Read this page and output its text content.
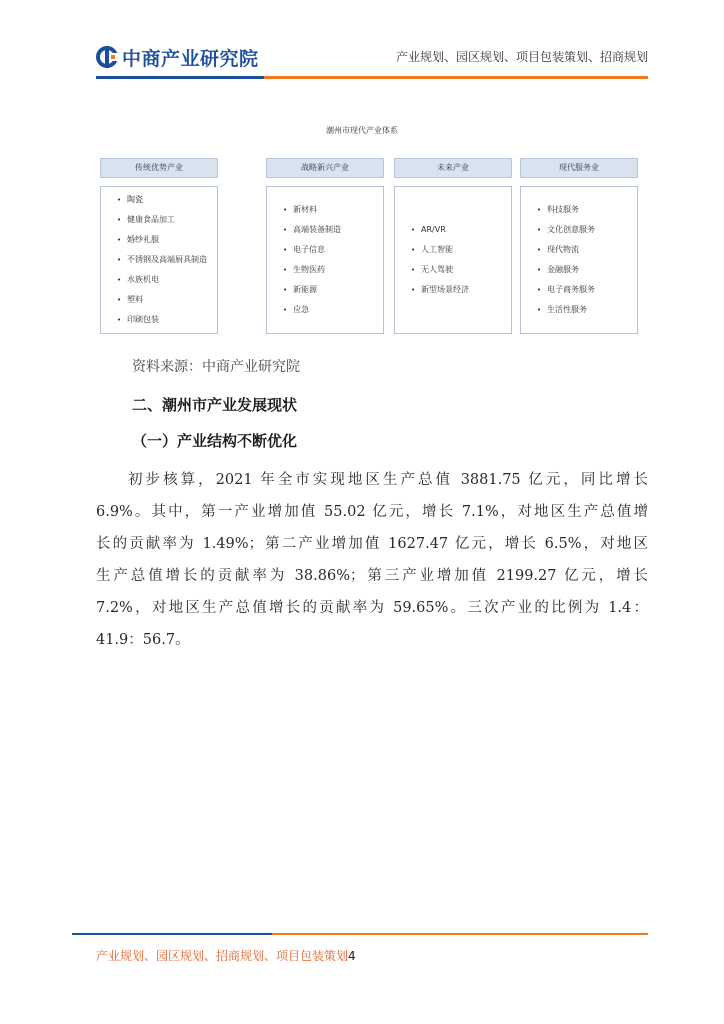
中商产业研究院	产业规划、园区规划、项目包装策划、招商规划
潮州市现代产业体系
传统优势产业
• 陶瓷
• 健康食品加工
• 婚纱礼服
• 不锈钢及高端厨具制造
• 水族机电
• 塑料
• 印刷包装
战略新兴产业
• 新材料
• 高端装备制造
• 电子信息
• 生物医药
• 新能源
• 应急
未来产业
• AR/VR
• 人工智能
• 无人驾驶
• 新型场景经济
现代服务业
• 科技服务
• 文化创意服务
• 现代物流
• 金融服务
• 电子商务服务
• 生活性服务
资料来源：中商产业研究院
二、潮州市产业发展现状
（一）产业结构不断优化
初步核算，2021 年全市实现地区生产总值 3881.75 亿元，同比增长
6.9%。其中，第一产业增加值 55.02 亿元，增长 7.1%，对地区生产总值增
长的贡献率为 1.49%；第二产业增加值 1627.47 亿元，增长 6.5%，对地区
生产总值增长的贡献率为 38.86%；第三产业增加值 2199.27 亿元，增长
7.2%，对地区生产总值增长的贡献率为 59.65%。三次产业的比例为 1.4：
41.9：56.7。
产业规划、园区规划、招商规划、项目包装策划4
